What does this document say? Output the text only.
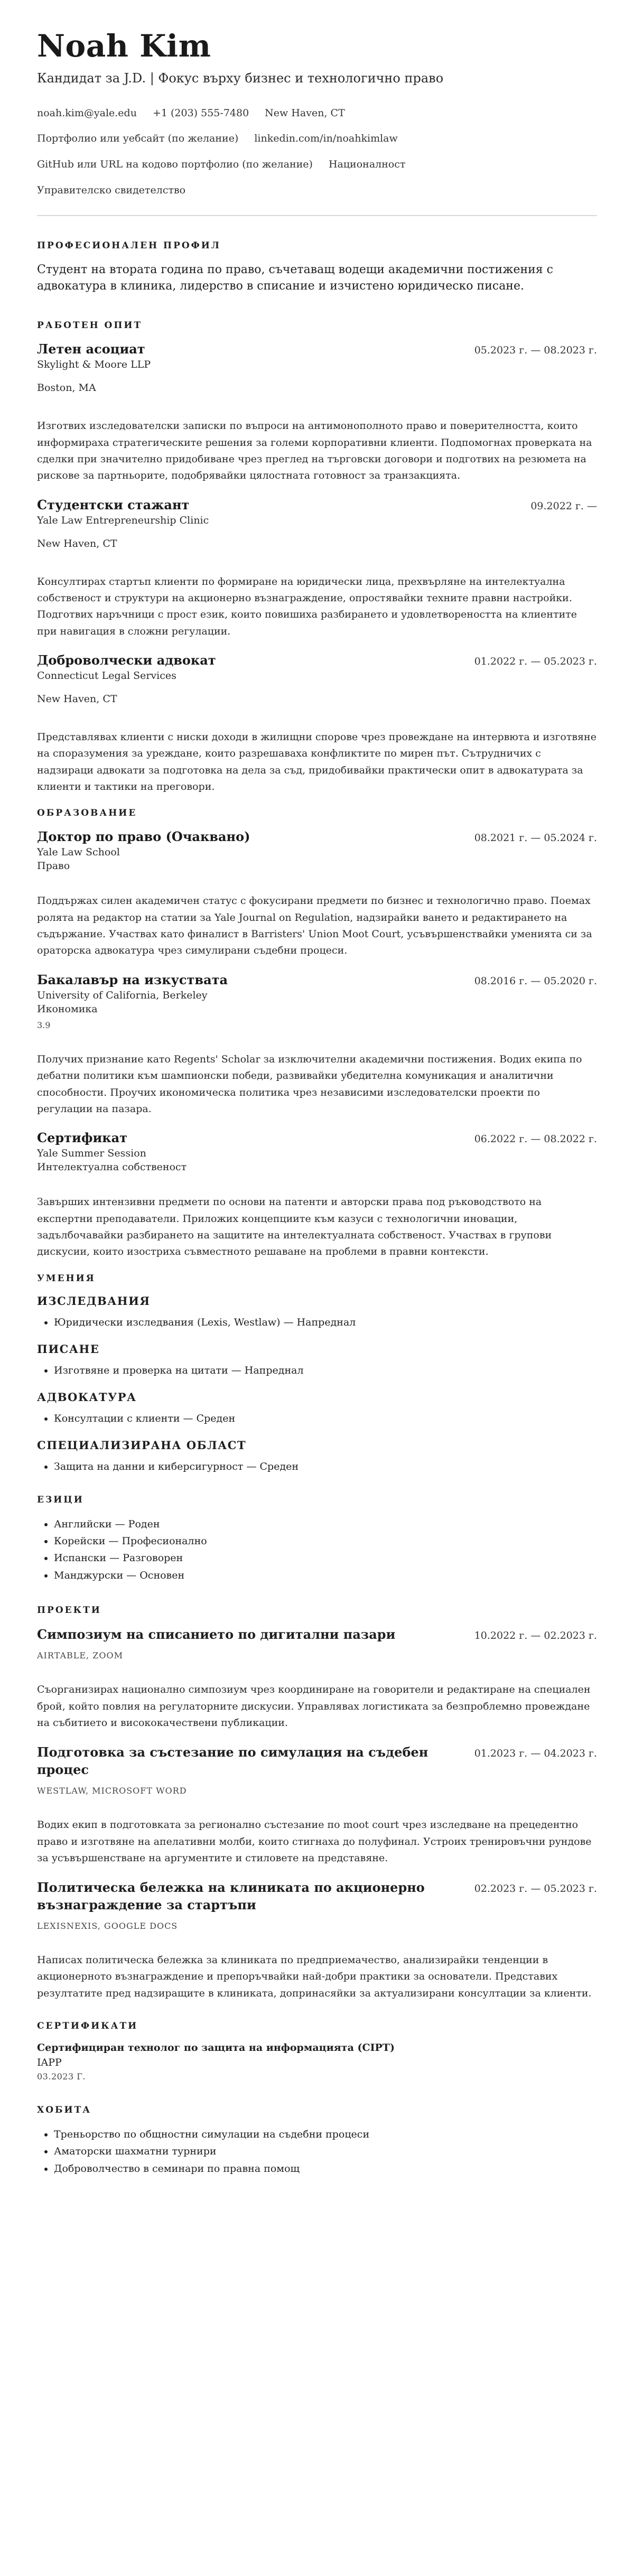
Noah Kim
Кандидат за J.D. | Фокус върху бизнес и технологично право
noah.kim@yale.edu +1 (203) 555-7480 New Haven, CT
Портфолио или уебсайт (по желание) linkedin.com/in/noahkimlaw
GitHub или URL на кодово портфолио (по желание) Националност
Управителско свидетелство
ПРОФЕСИОНАЛЕН ПРОФИЛ

Студент на втората година по право, съчетаващ водещи академични постижения с адвокатура в клиника, лидерство в списание и изчистено юридическо писане.

РАБОТЕН ОПИТ
Летен асоциат	05.2023 г. — 08.2023 г.
Skylight & Moore LLP
Boston, MA

Изготвих изследователски записки по въпроси на антимонополното право и поверителността, които информираха стратегическите решения за големи корпоративни клиенти. Подпомогнах проверката на сделки при значително придобиване чрез преглед на търговски договори и подготвих на резюмета на рискове за партньорите, подобрявайки цялостната готовност за транзакцията.

Студентски стажант	09.2022 г. —
Yale Law Entrepreneurship Clinic
New Haven, CT

Консултирах стартъп клиенти по формиране на юридически лица, прехвърляне на интелектуална собственост и структури на акционерно възнаграждение, опростявайки техните правни настройки. Подготвих наръчници с прост език, които повишиха разбирането и удовлетвореността на клиентите при навигация в сложни регулации.

Доброволчески адвокат	01.2022 г. — 05.2023 г.
Connecticut Legal Services
New Haven, CT

Представлявах клиенти с ниски доходи в жилищни спорове чрез провеждане на интервюта и изготвяне на споразумения за уреждане, които разрешаваха конфликтите по мирен път. Сътрудничих с надзираци адвокати за подготовка на дела за съд, придобивайки практически опит в адвокатурата за клиенти и тактики на преговори.

ОБРАЗОВАНИЕ
Доктор по право (Очаквано)	08.2021 г. — 05.2024 г.
Yale Law School
Право

Поддържах силен академичен статус с фокусирани предмети по бизнес и технологично право. Поемах ролята на редактор на статии за Yale Journal on Regulation, надзирайки ването и редактирането на съдържание. Участвах като финалист в Barristers' Union Moot Court, усъвършенствайки уменията си за ораторска адвокатура чрез симулирани съдебни процеси.

Бакалавър на изкуствата	08.2016 г. — 05.2020 г.
University of California, Berkeley
Икономика
3.9

Получих признание като Regents' Scholar за изключителни академични постижения. Водих екипа по дебатни политики към шампионски победи, развивайки убедителна комуникация и аналитични способности. Проучих икономическа политика чрез независими изследователски проекти по регулации на пазара.

Сертификат	06.2022 г. — 08.2022 г.
Yale Summer Session
Интелектуална собственост

Завърших интензивни предмети по основи на патенти и авторски права под ръководството на експертни преподаватели. Приложих концепциите към казуси с технологични иновации, задълбочавайки разбирането на защитите на интелектуалната собственост. Участвах в групови дискусии, които изостриха съвместното решаване на проблеми в правни контексти.

УМЕНИЯ
ИЗСЛЕДВАНИЯ
• Юридически изследвания (Lexis, Westlaw) — Напреднал
ПИСАНЕ
• Изготвяне и проверка на цитати — Напреднал
АДВОКАТУРА
• Консултации с клиенти — Среден
СПЕЦИАЛИЗИРАНА ОБЛАСТ
• Защита на данни и киберсигурност — Среден
ЕЗИЦИ
• Английски — Роден
• Корейски — Професионално
• Испански — Разговорен
• Манджурски — Основен
ПРОЕКТИ
Симпозиум на списанието по дигитални пазари	10.2022 г. — 02.2023 г.
AIRTABLE, ZOOM

Съорганизирах национално симпозиум чрез координиране на говорители и редактиране на специален брой, който повлия на регулаторните дискусии. Управлявах логистиката за безпроблемно провеждане на събитието и висококачествени публикации.

Подготовка за състезание по симулация на съдебен процес
01.2023 г. — 04.2023 г.
WESTLAW, MICROSOFT WORD

Водих екип в подготовката за регионално състезание по moot court чрез изследване на прецедентно право и изготвяне на апелативни молби, които стигнаха до полуфинал. Устроих тренировъчни рундове за усъвършенстване на аргументите и стиловете на представяне.

Политическа бележка на клиниката по акционерно възнаграждение за стартъпи
02.2023 г. — 05.2023 г.
LEXISNEXIS, GOOGLE DOCS

Написах политическа бележка за клиниката по предприемачество, анализирайки тенденции в акционерното възнаграждение и препоръчвайки най-добри практики за основатели. Представих резултатите пред надзиращите в клиниката, допринасяйки за актуализирани консултации за клиенти.

СЕРТИФИКАТИ
Сертифициран технолог по защита на информацията (CIPT)
IAPP
03.2023 Г.
ХОБИТА
• Треньорство по общностни симулации на съдебни процеси
• Аматорски шахматни турнири
• Доброволчество в семинари по правна помощ
